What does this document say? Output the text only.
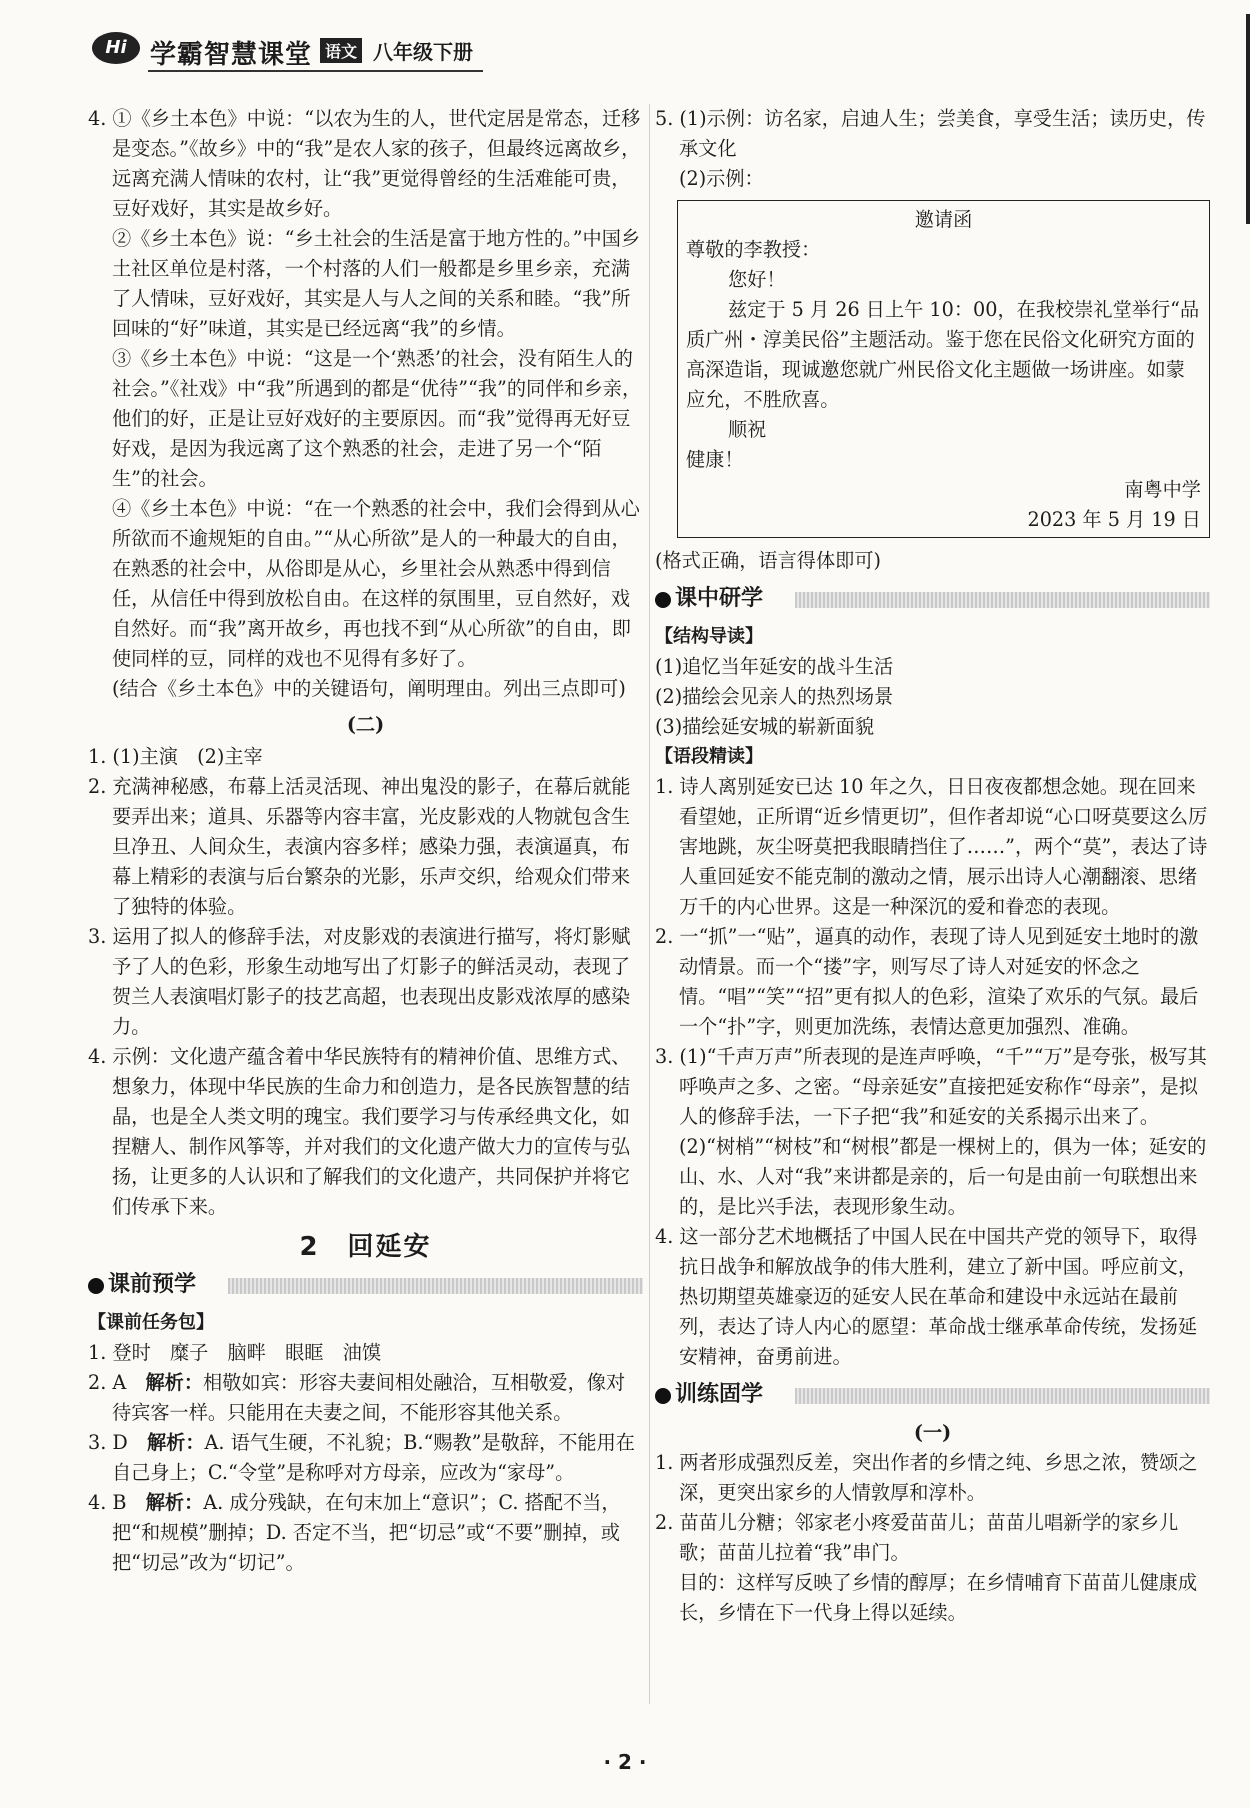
Hi 学霸智慧课堂 语文 八年级下册

4. ①《乡土本色》中说：“以农为生的人，世代定居是常态，迁移是变态。”《故乡》中的“我”是农人家的孩子，但最终远离故乡，远离充满人情味的农村，让“我”更觉得曾经的生活难能可贵，豆好戏好，其实是故乡好。

②《乡土本色》说：“乡土社会的生活是富于地方性的。”中国乡土社区单位是村落，一个村落的人们一般都是乡里乡亲，充满了人情味，豆好戏好，其实是人与人之间的关系和睦。“我”所回味的“好”味道，其实是已经远离“我”的乡情。

③《乡土本色》中说：“这是一个‘熟悉’的社会，没有陌生人的社会。”《社戏》中“我”所遇到的都是“优待”“我”的同伴和乡亲，他们的好，正是让豆好戏好的主要原因。而“我”觉得再无好豆好戏，是因为我远离了这个熟悉的社会，走进了另一个“陌生”的社会。

④《乡土本色》中说：“在一个熟悉的社会中，我们会得到从心所欲而不逾规矩的自由。”“从心所欲”是人的一种最大的自由，在熟悉的社会中，从俗即是从心，乡里社会从熟悉中得到信任，从信任中得到放松自由。在这样的氛围里，豆自然好，戏自然好。而“我”离开故乡，再也找不到“从心所欲”的自由，即使同样的豆，同样的戏也不见得有多好了。

(结合《乡土本色》中的关键语句，阐明理由。列出三点即可)

(二)

1. (1)主演　(2)主宰

2. 充满神秘感，布幕上活灵活现、神出鬼没的影子，在幕后就能要弄出来；道具、乐器等内容丰富，光皮影戏的人物就包含生旦净丑、人间众生，表演内容多样；感染力强，表演逼真，布幕上精彩的表演与后台繁杂的光影，乐声交织，给观众们带来了独特的体验。

3. 运用了拟人的修辞手法，对皮影戏的表演进行描写，将灯影赋予了人的色彩，形象生动地写出了灯影子的鲜活灵动，表现了贺兰人表演唱灯影子的技艺高超，也表现出皮影戏浓厚的感染力。

4. 示例：文化遗产蕴含着中华民族特有的精神价值、思维方式、想象力，体现中华民族的生命力和创造力，是各民族智慧的结晶，也是全人类文明的瑰宝。我们要学习与传承经典文化，如捏糖人、制作风筝等，并对我们的文化遗产做大力的宣传与弘扬，让更多的人认识和了解我们的文化遗产，共同保护并将它们传承下来。

2　回延安
课前预学

【课前任务包】

1. 登时　糜子　脑畔　眼眶　油馍

2. A　解析：相敬如宾：形容夫妻间相处融洽，互相敬爱，像对待宾客一样。只能用在夫妻之间，不能形容其他关系。

3. D　解析：A. 语气生硬，不礼貌；B.“赐教”是敬辞，不能用在自己身上；C.“令堂”是称呼对方母亲，应改为“家母”。

4. B　解析：A. 成分残缺，在句末加上“意识”；C. 搭配不当，把“和规模”删掉；D. 否定不当，把“切忌”或“不要”删掉，或把“切忌”改为“切记”。

5. (1)示例：访名家，启迪人生；尝美食，享受生活；读历史，传承文化

(2)示例：

邀请函

尊敬的李教授：

您好！

兹定于 5 月 26 日上午 10：00，在我校崇礼堂举行“品质广州・淳美民俗”主题活动。鉴于您在民俗文化研究方面的高深造诣，现诚邀您就广州民俗文化主题做一场讲座。如蒙应允，不胜欣喜。

顺祝

健康！

南粤中学

2023 年 5 月 19 日

(格式正确，语言得体即可)

课中研学

【结构导读】

(1)追忆当年延安的战斗生活

(2)描绘会见亲人的热烈场景

(3)描绘延安城的崭新面貌

【语段精读】

1. 诗人离别延安已达 10 年之久，日日夜夜都想念她。现在回来看望她，正所谓“近乡情更切”，但作者却说“心口呀莫要这么厉害地跳，灰尘呀莫把我眼睛挡住了……”，两个“莫”，表达了诗人重回延安不能克制的激动之情，展示出诗人心潮翻滚、思绪万千的内心世界。这是一种深沉的爱和眷恋的表现。

2. 一“抓”一“贴”，逼真的动作，表现了诗人见到延安土地时的激动情景。而一个“搂”字，则写尽了诗人对延安的怀念之情。“唱”“笑”“招”更有拟人的色彩，渲染了欢乐的气氛。最后一个“扑”字，则更加洗练，表情达意更加强烈、准确。

3. (1)“千声万声”所表现的是连声呼唤，“千”“万”是夸张，极写其呼唤声之多、之密。“母亲延安”直接把延安称作“母亲”，是拟人的修辞手法，一下子把“我”和延安的关系揭示出来了。

(2)“树梢”“树枝”和“树根”都是一棵树上的，俱为一体；延安的山、水、人对“我”来讲都是亲的，后一句是由前一句联想出来的，是比兴手法，表现形象生动。

4. 这一部分艺术地概括了中国人民在中国共产党的领导下，取得抗日战争和解放战争的伟大胜利，建立了新中国。呼应前文，热切期望英雄豪迈的延安人民在革命和建设中永远站在最前列，表达了诗人内心的愿望：革命战士继承革命传统，发扬延安精神，奋勇前进。

训练固学

(一)

1. 两者形成强烈反差，突出作者的乡情之纯、乡思之浓，赞颂之深，更突出家乡的人情敦厚和淳朴。

2. 苗苗儿分糖；邻家老小疼爱苗苗儿；苗苗儿唱新学的家乡儿歌；苗苗儿拉着“我”串门。

目的：这样写反映了乡情的醇厚；在乡情哺育下苗苗儿健康成长，乡情在下一代身上得以延续。

· 2 ·
